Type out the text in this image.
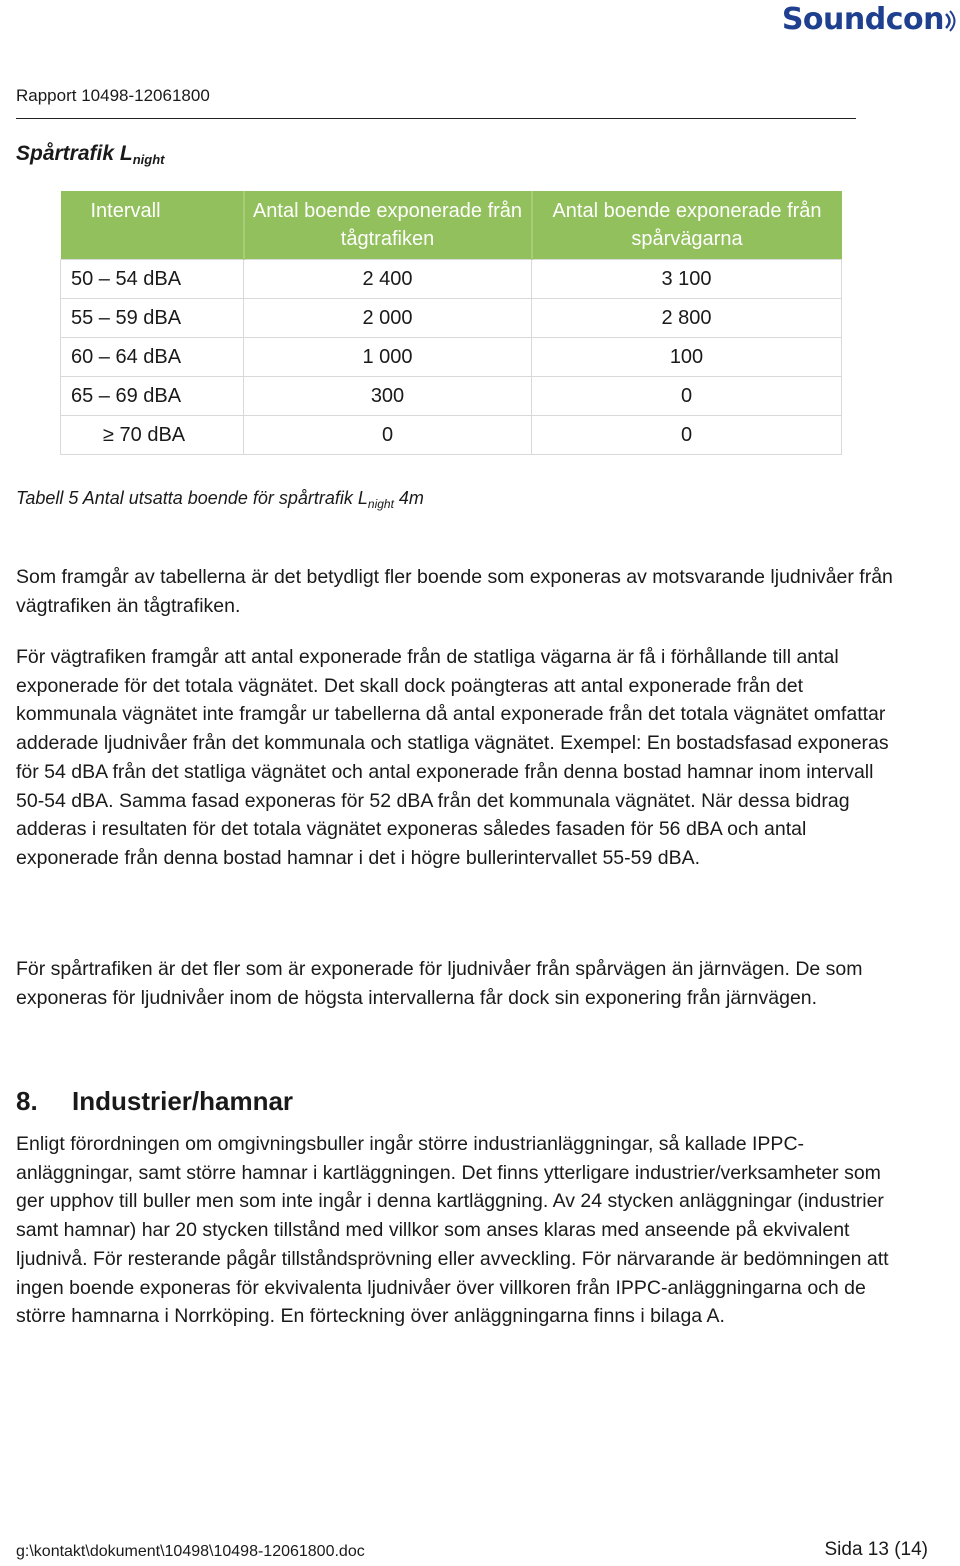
Soundcon
Rapport 10498-12061800
Spårtrafik $L_{night}$
Intervall	Antal boende exponerade från tågtrafiken	Antal boende exponerade från spårvägarna
50 – 54 dBA	2 400	3 100
55 – 59 dBA	2 000	2 800
60 – 64 dBA	1 000	100
65 – 69 dBA	300	0
≥ 70 dBA	0	0
Tabell 5 Antal utsatta boende för spårtrafik $L_{night}$ 4m

Som framgår av tabellerna är det betydligt fler boende som exponeras av motsvarande ljudnivåer från vägtrafiken än tågtrafiken.

För vägtrafiken framgår att antal exponerade från de statliga vägarna är få i förhållande till antal exponerade för det totala vägnätet. Det skall dock poängteras att antal exponerade från det kommunala vägnätet inte framgår ur tabellerna då antal exponerade från det totala vägnätet omfattar adderade ljudnivåer från det kommunala och statliga vägnätet. Exempel: En bostadsfasad exponeras för 54 dBA från det statliga vägnätet och antal exponerade från denna bostad hamnar inom intervall 50-54 dBA. Samma fasad exponeras för 52 dBA från det kommunala vägnätet. När dessa bidrag adderas i resultaten för det totala vägnätet exponeras således fasaden för 56 dBA och antal exponerade från denna bostad hamnar i det i högre bullerintervallet 55-59 dBA.

För spårtrafiken är det fler som är exponerade för ljudnivåer från spårvägen än järnvägen. De som exponeras för ljudnivåer inom de högsta intervallerna får dock sin exponering från järnvägen.

8. Industrier/hamnar

Enligt förordningen om omgivningsbuller ingår större industrianläggningar, så kallade IPPC-anläggningar, samt större hamnar i kartläggningen. Det finns ytterligare industrier/verksamheter som ger upphov till buller men som inte ingår i denna kartläggning. Av 24 stycken anläggningar (industrier samt hamnar) har 20 stycken tillstånd med villkor som anses klaras med anseende på ekvivalent ljudnivå. För resterande pågår tillståndsprövning eller avveckling. För närvarande är bedömningen att ingen boende exponeras för ekvivalenta ljudnivåer över villkoren från IPPC-anläggningarna och de större hamnarna i Norrköping. En förteckning över anläggningarna finns i bilaga A.

g:\kontakt\dokument\10498\10498-12061800.doc	Sida 13 (14)
